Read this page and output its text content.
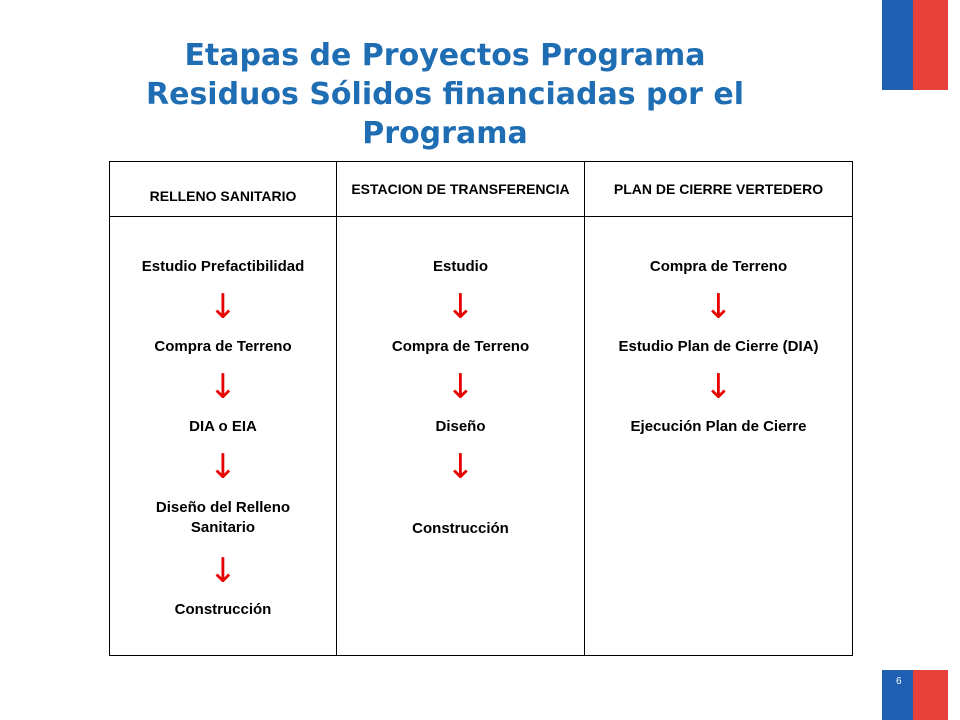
Etapas de Proyectos Programa Residuos Sólidos financiadas por el Programa
RELLENO SANITARIO
Estudio Prefactibilidad
↓
Compra de Terreno
↓
DIA o EIA
↓
Diseño del Relleno Sanitario
↓
Construcción
ESTACION DE TRANSFERENCIA
Estudio
↓
Compra de Terreno
↓
Diseño
↓
Construcción
PLAN DE CIERRE VERTEDERO
Compra de Terreno
↓
Estudio Plan de Cierre (DIA)
↓
Ejecución Plan de Cierre
6
